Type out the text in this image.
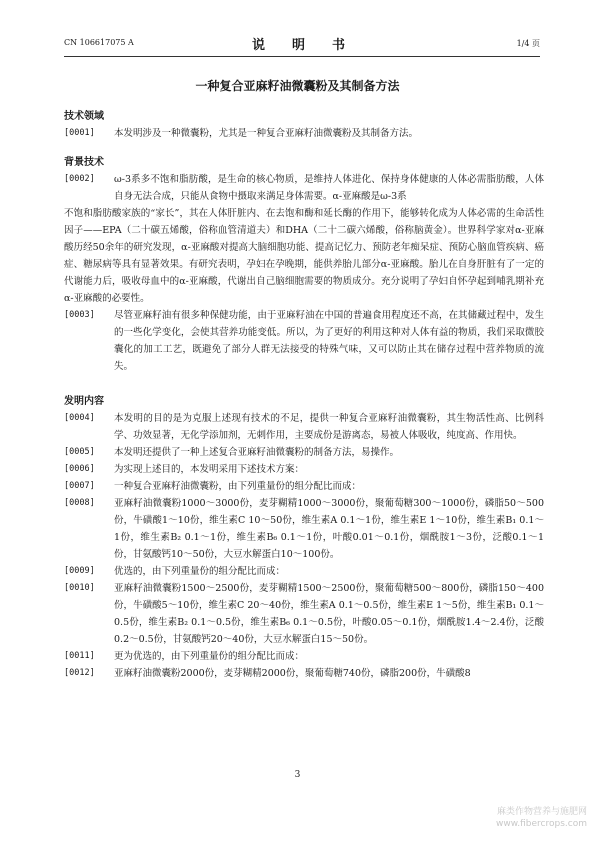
CN 106617075 A	说　明　书	1/4 页
一种复合亚麻籽油微囊粉及其制备方法
技术领域
[0001] 本发明涉及一种微囊粉，尤其是一种复合亚麻籽油微囊粉及其制备方法。
背景技术
[0002] ω-3系多不饱和脂肪酸，是生命的核心物质，是维持人体进化、保持身体健康的人体必需脂肪酸，人体自身无法合成，只能从食物中摄取来满足身体需要。α-亚麻酸是ω-3系

不饱和脂肪酸家族的“家长”，其在人体肝脏内、在去饱和酶和延长酶的作用下，能够转化成为人体必需的生命活性因子——EPA（二十碳五烯酸，俗称血管清道夫）和DHA（二十二碳六烯酸，俗称脑黄金）。世界科学家对α-亚麻酸历经50余年的研究发现，α-亚麻酸对提高大脑细胞功能、提高记忆力、预防老年痴呆症、预防心脑血管疾病、癌症、糖尿病等具有显著效果。有研究表明，孕妇在孕晚期，能供养胎儿部分α-亚麻酸。胎儿在自身肝脏有了一定的代谢能力后，吸收母血中的α-亚麻酸，代谢出自己脑细胞需要的物质成分。充分说明了孕妇自怀孕起到哺乳期补充α-亚麻酸的必要性。

[0003] 尽管亚麻籽油有很多种保健功能，由于亚麻籽油在中国的普遍食用程度还不高，在其储藏过程中，发生的一些化学变化，会使其营养功能变低。所以，为了更好的利用这种对人体有益的物质，我们采取微胶囊化的加工工艺，既避免了部分人群无法接受的特殊气味，又可以防止其在储存过程中营养物质的流失。
发明内容
[0004] 本发明的目的是为克服上述现有技术的不足，提供一种复合亚麻籽油微囊粉，其生物活性高、比例科学、功效显著，无化学添加剂，无刺作用，主要成份是游离态，易被人体吸收，纯度高、作用快。
[0005] 本发明还提供了一种上述复合亚麻籽油微囊粉的制备方法，易操作。
[0006] 为实现上述目的，本发明采用下述技术方案：
[0007] 一种复合亚麻籽油微囊粉，由下列重量份的组分配比而成：
[0008] 亚麻籽油微囊粉1000～3000份，麦芽糊精1000～3000份，聚葡萄糖300～1000份，磷脂50～500份，牛磺酸1～10份，维生素C 10～50份，维生素A 0.1～1份，维生素E 1～10份，维生素B₁ 0.1～1份，维生素B₂ 0.1～1份，维生素B₆ 0.1～1份，叶酸0.01～0.1份，烟酰胺1～3份，泛酸0.1～1份，甘氨酸钙10～50份，大豆水解蛋白10～100份。
[0009] 优选的，由下列重量份的组分配比而成：
[0010] 亚麻籽油微囊粉1500～2500份，麦芽糊精1500～2500份，聚葡萄糖500～800份，磷脂150～400份，牛磺酸5～10份，维生素C 20～40份，维生素A 0.1～0.5份，维生素E 1～5份，维生素B₁ 0.1～0.5份，维生素B₂ 0.1～0.5份，维生素B₆ 0.1～0.5份，叶酸0.05～0.1份，烟酰胺1.4～2.4份，泛酸0.2～0.5份，甘氨酸钙20～40份，大豆水解蛋白15～50份。
[0011] 更为优选的，由下列重量份的组分配比而成：
[0012] 亚麻籽油微囊粉2000份，麦芽糊精2000份，聚葡萄糖740份，磷脂200份，牛磺酸8
3
麻类作物营养与施肥网
www.fibercrops.com
